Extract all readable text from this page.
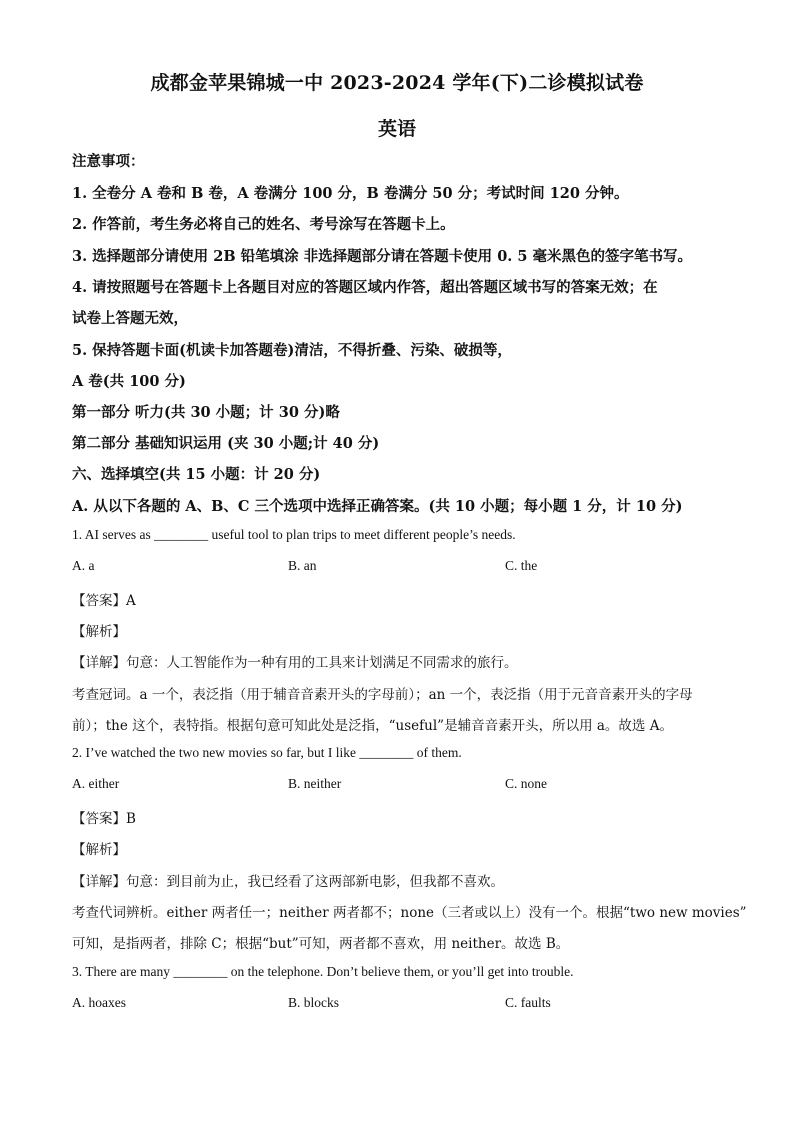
成都金苹果锦城一中 2023-2024 学年(下)二诊模拟试卷
英语
注意事项：
1. 全卷分 A 卷和 B 卷，A 卷满分 100 分，B 卷满分 50 分；考试时间 120 分钟。
2. 作答前，考生务必将自己的姓名、考号涂写在答题卡上。
3. 选择题部分请使用 2B 铅笔填涂 非选择题部分请在答题卡使用 0. 5 毫米黑色的签字笔书写。
4. 请按照题号在答题卡上各题目对应的答题区域内作答，超出答题区域书写的答案无效；在
试卷上答题无效，
5. 保持答题卡面(机读卡加答题卷)清洁，不得折叠、污染、破损等，
A 卷(共 100 分)
第一部分 听力(共 30 小题；计 30 分)略
第二部分 基础知识运用 (夹 30 小题;计 40 分)
六、选择填空(共 15 小题：计 20 分)
A. 从以下各题的 A、B、C 三个选项中选择正确答案。(共 10 小题；每小题 1 分，计 10 分)
1. AI serves as ________ useful tool to plan trips to meet different people’s needs.
A. a	B. an	C. the
【答案】A
【解析】
【详解】句意：人工智能作为一种有用的工具来计划满足不同需求的旅行。
考查冠词。a 一个，表泛指（用于辅音音素开头的字母前）；an 一个，表泛指（用于元音音素开头的字母
前）；the 这个，表特指。根据句意可知此处是泛指，“useful”是辅音音素开头，所以用 a。故选 A。
2. I’ve watched the two new movies so far, but I like ________ of them.
A. either	B. neither	C. none
【答案】B
【解析】
【详解】句意：到目前为止，我已经看了这两部新电影，但我都不喜欢。
考查代词辨析。either 两者任一；neither 两者都不；none（三者或以上）没有一个。根据“two new movies”
可知，是指两者，排除 C；根据“but”可知，两者都不喜欢，用 neither。故选 B。
3. There are many ________ on the telephone. Don’t believe them, or you’ll get into trouble.
A. hoaxes	B. blocks	C. faults
